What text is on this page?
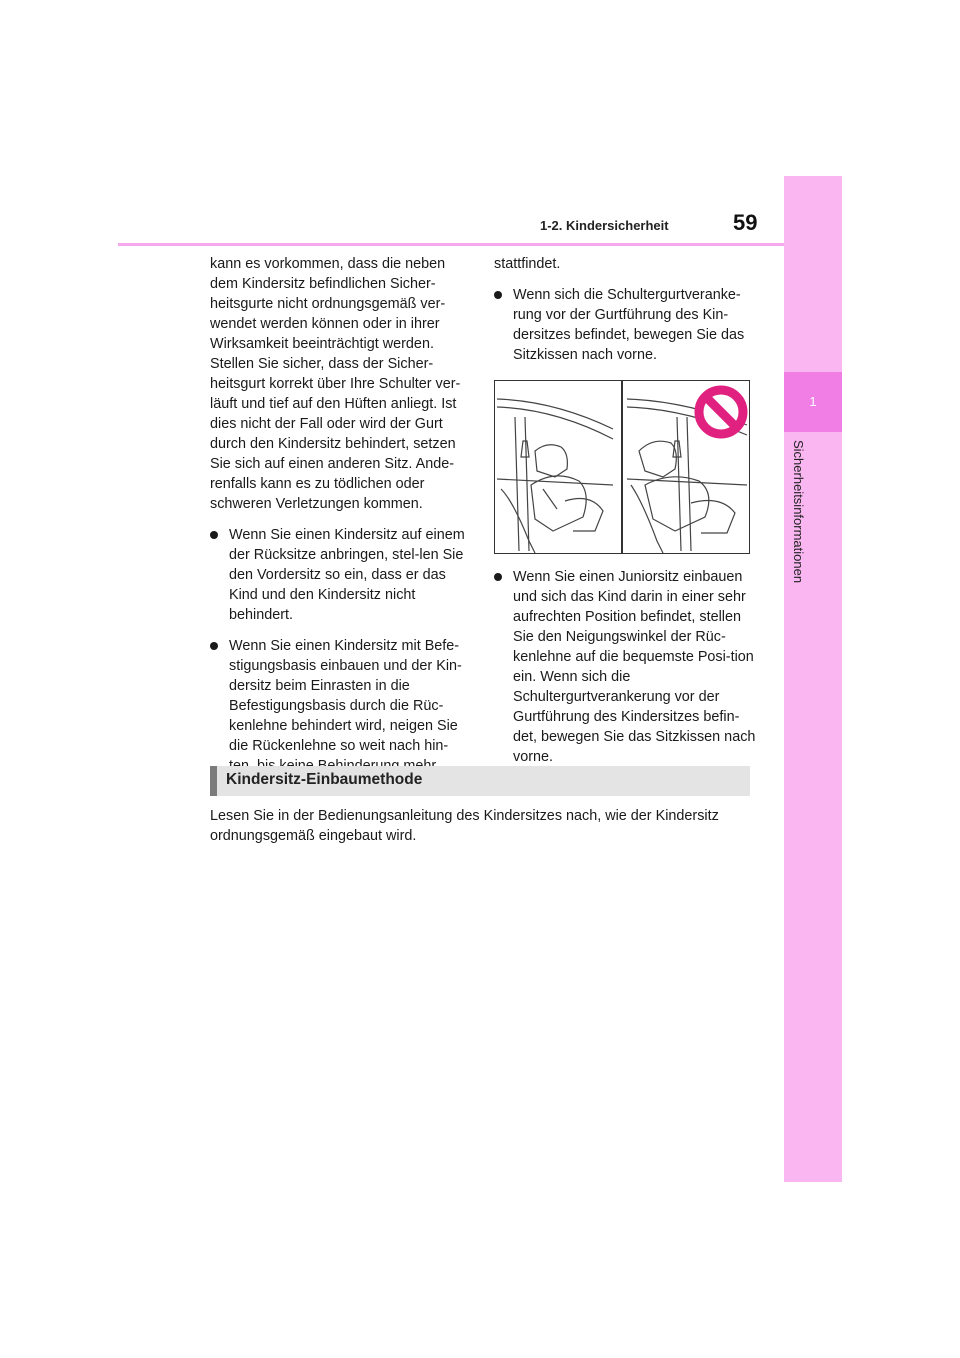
1
Sicherheitsinformationen
1-2. Kindersicherheit	59

kann es vorkommen, dass die neben dem Kindersitz befindlichen Sicher-heitsgurte nicht ordnungsgemäß ver-wendet werden können oder in ihrer Wirksamkeit beeinträchtigt werden. Stellen Sie sicher, dass der Sicher-heitsgurt korrekt über Ihre Schulter ver-läuft und tief auf den Hüften anliegt. Ist dies nicht der Fall oder wird der Gurt durch den Kindersitz behindert, setzen Sie sich auf einen anderen Sitz. Ande-renfalls kann es zu tödlichen oder schweren Verletzungen kommen.

Wenn Sie einen Kindersitz auf einem der Rücksitze anbringen, stel-len Sie den Vordersitz so ein, dass er das Kind und den Kindersitz nicht behindert.

Wenn Sie einen Kindersitz mit Befe-stigungsbasis einbauen und der Kin-dersitz beim Einrasten in die Befestigungsbasis durch die Rüc-kenlehne behindert wird, neigen Sie die Rückenlehne so weit nach hin-

stattfindet.

Wenn sich die Schultergurtveranke-rung vor der Gurtführung des Kin-dersitzes befindet, bewegen Sie das Sitzkissen nach vorne.

Wenn Sie einen Juniorsitz einbauen und sich das Kind darin in einer sehr aufrechten Position befindet, stellen Sie den Neigungswinkel der Rüc-kenlehne auf die bequemste Posi-tion ein. Wenn sich die Schultergurtverankerung vor der Gurtführung des Kindersitzes befin-det, bewegen Sie das Sitzkissen nach vorne.

Kindersitz-Einbaumethode
Lesen Sie in der Bedienungsanleitung des Kindersitzes nach, wie der Kindersitz ordnungsgemäß eingebaut wird.
